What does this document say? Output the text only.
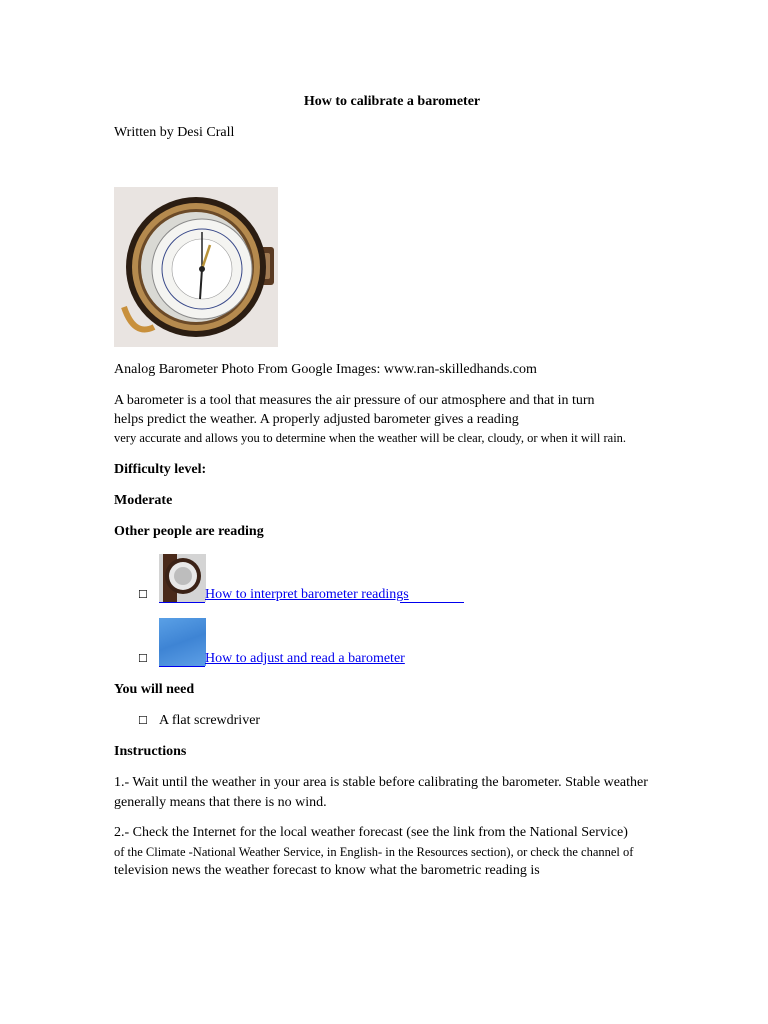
How to calibrate a barometer
Written by Desi Crall
Analog Barometer Photo From Google Images: www.ran-skilledhands.com
A barometer is a tool that measures the air pressure of our atmosphere and that in turn
helps predict the weather. A properly adjusted barometer gives a reading
very accurate and allows you to determine when the weather will be clear, cloudy, or when it will rain.
Difficulty level:
Moderate
Other people are reading
☐	How to interpret barometer readings
☐	How to adjust and read a barometer
You will need
☐ A flat screwdriver
Instructions
1.- Wait until the weather in your area is stable before calibrating the barometer. Stable weather
generally means that there is no wind.
2.- Check the Internet for the local weather forecast (see the link from the National Service)
of the Climate -National Weather Service, in English- in the Resources section), or check the channel of
television news the weather forecast to know what the barometric reading is
